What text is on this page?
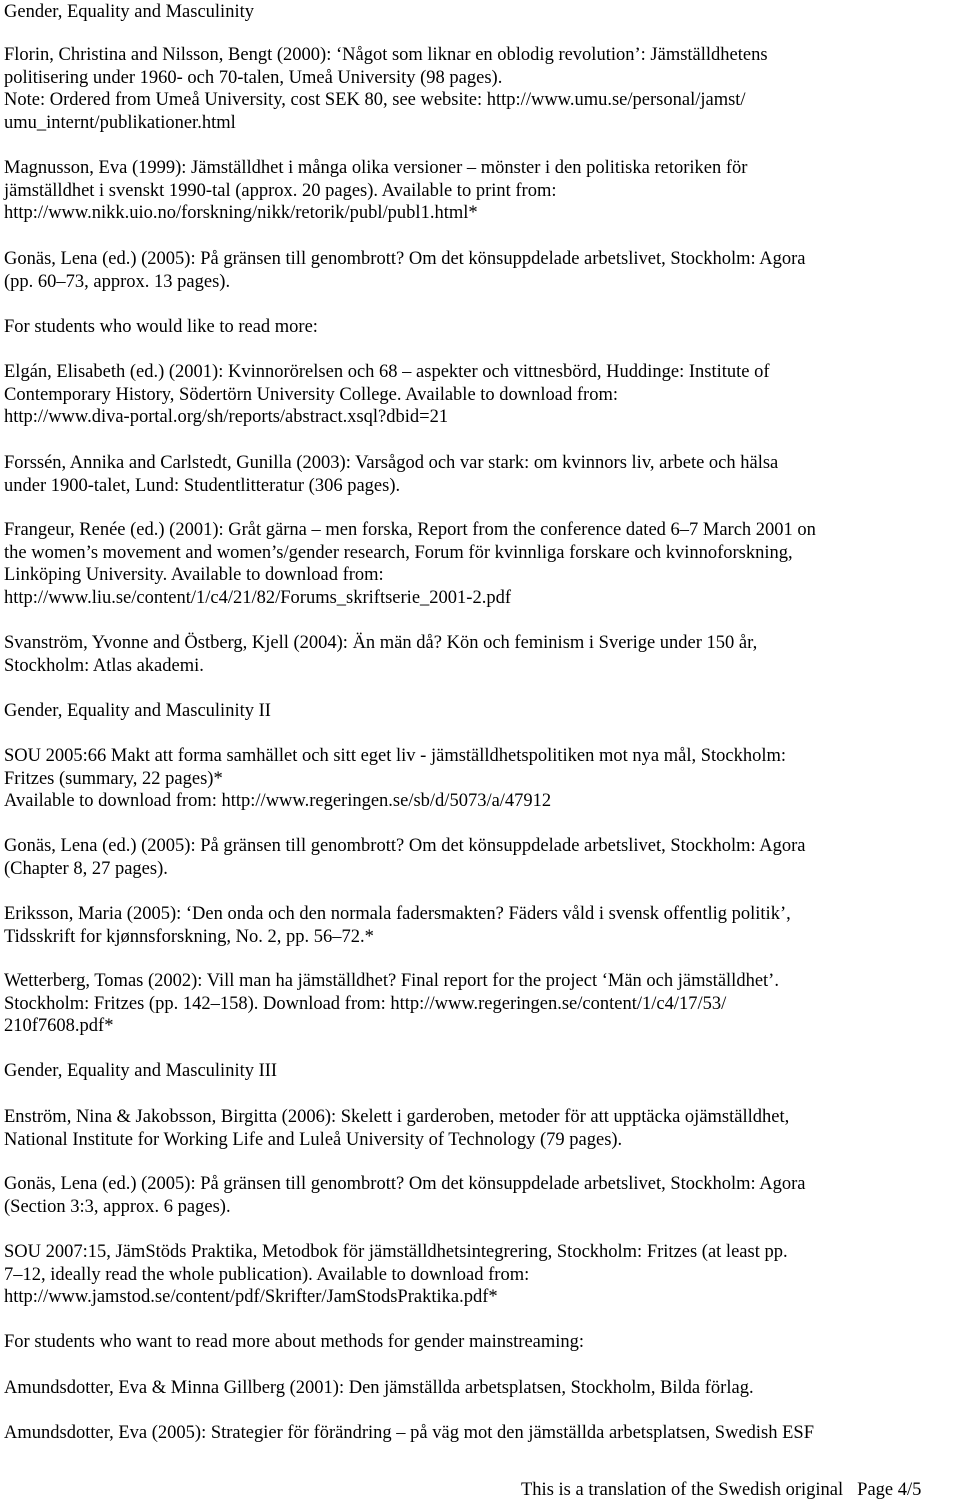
Gender, Equality and Masculinity
Florin, Christina and Nilsson, Bengt (2000): ‘Något som liknar en oblodig revolution’: Jämställdhetens
politisering under 1960- och 70-talen, Umeå University (98 pages).
Note: Ordered from Umeå University, cost SEK 80, see website: http://www.umu.se/personal/jamst/
umu_internt/publikationer.html
Magnusson, Eva (1999): Jämställdhet i många olika versioner – mönster i den politiska retoriken för
jämställdhet i svenskt 1990-tal (approx. 20 pages). Available to print from:
http://www.nikk.uio.no/forskning/nikk/retorik/publ/publ1.html*
Gonäs, Lena (ed.) (2005): På gränsen till genombrott? Om det könsuppdelade arbetslivet, Stockholm: Agora
(pp. 60–73, approx. 13 pages).
For students who would like to read more:
Elgán, Elisabeth (ed.) (2001): Kvinnorörelsen och 68 – aspekter och vittnesbörd, Huddinge: Institute of
Contemporary History, Södertörn University College. Available to download from:
http://www.diva-portal.org/sh/reports/abstract.xsql?dbid=21
Forssén, Annika and Carlstedt, Gunilla (2003): Varsågod och var stark: om kvinnors liv, arbete och hälsa
under 1900-talet, Lund: Studentlitteratur (306 pages).
Frangeur, Renée (ed.) (2001): Gråt gärna – men forska, Report from the conference dated 6–7 March 2001 on
the women’s movement and women’s/gender research, Forum för kvinnliga forskare och kvinnoforskning,
Linköping University. Available to download from:
http://www.liu.se/content/1/c4/21/82/Forums_skriftserie_2001-2.pdf
Svanström, Yvonne and Östberg, Kjell (2004): Än män då? Kön och feminism i Sverige under 150 år,
Stockholm: Atlas akademi.
Gender, Equality and Masculinity II
SOU 2005:66 Makt att forma samhället och sitt eget liv - jämställdhetspolitiken mot nya mål, Stockholm:
Fritzes (summary, 22 pages)*
Available to download from: http://www.regeringen.se/sb/d/5073/a/47912
Gonäs, Lena (ed.) (2005): På gränsen till genombrott? Om det könsuppdelade arbetslivet, Stockholm: Agora
(Chapter 8, 27 pages).
Eriksson, Maria (2005): ‘Den onda och den normala fadersmakten? Fäders våld i svensk offentlig politik’,
Tidsskrift for kjønnsforskning, No. 2, pp. 56–72.*
Wetterberg, Tomas (2002): Vill man ha jämställdhet? Final report for the project ‘Män och jämställdhet’.
Stockholm: Fritzes (pp. 142–158). Download from: http://www.regeringen.se/content/1/c4/17/53/
210f7608.pdf*
Gender, Equality and Masculinity III
Enström, Nina & Jakobsson, Birgitta (2006): Skelett i garderoben, metoder för att upptäcka ojämställdhet,
National Institute for Working Life and Luleå University of Technology (79 pages).
Gonäs, Lena (ed.) (2005): På gränsen till genombrott? Om det könsuppdelade arbetslivet, Stockholm: Agora
(Section 3:3, approx. 6 pages).
SOU 2007:15, JämStöds Praktika, Metodbok för jämställdhetsintegrering, Stockholm: Fritzes (at least pp.
7–12, ideally read the whole publication). Available to download from:
http://www.jamstod.se/content/pdf/Skrifter/JamStodsPraktika.pdf*
For students who want to read more about methods for gender mainstreaming:
Amundsdotter, Eva & Minna Gillberg (2001): Den jämställda arbetsplatsen, Stockholm, Bilda förlag.
Amundsdotter, Eva (2005): Strategier för förändring – på väg mot den jämställda arbetsplatsen, Swedish ESF
This is a translation of the Swedish original Page 4/5
